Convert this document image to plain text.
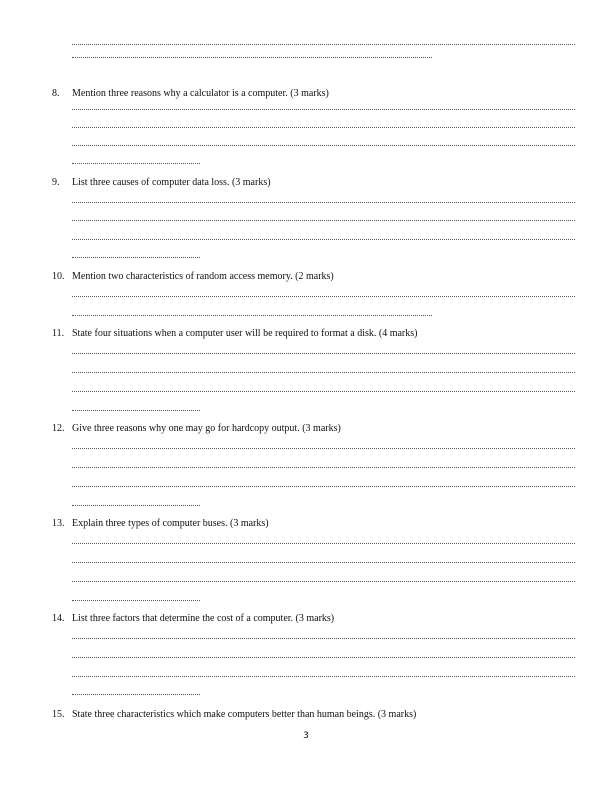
8. Mention three reasons why a calculator is a computer. (3 marks)
9. List three causes of computer data loss. (3 marks)
10. Mention two characteristics of random access memory. (2 marks)
11. State four situations when a computer user will be required to format a disk. (4 marks)
12. Give three reasons why one may go for hardcopy output. (3 marks)
13. Explain three types of computer buses. (3 marks)
14. List three factors that determine the cost of a computer. (3 marks)
15. State three characteristics which make computers better than human beings. (3 marks)
3
